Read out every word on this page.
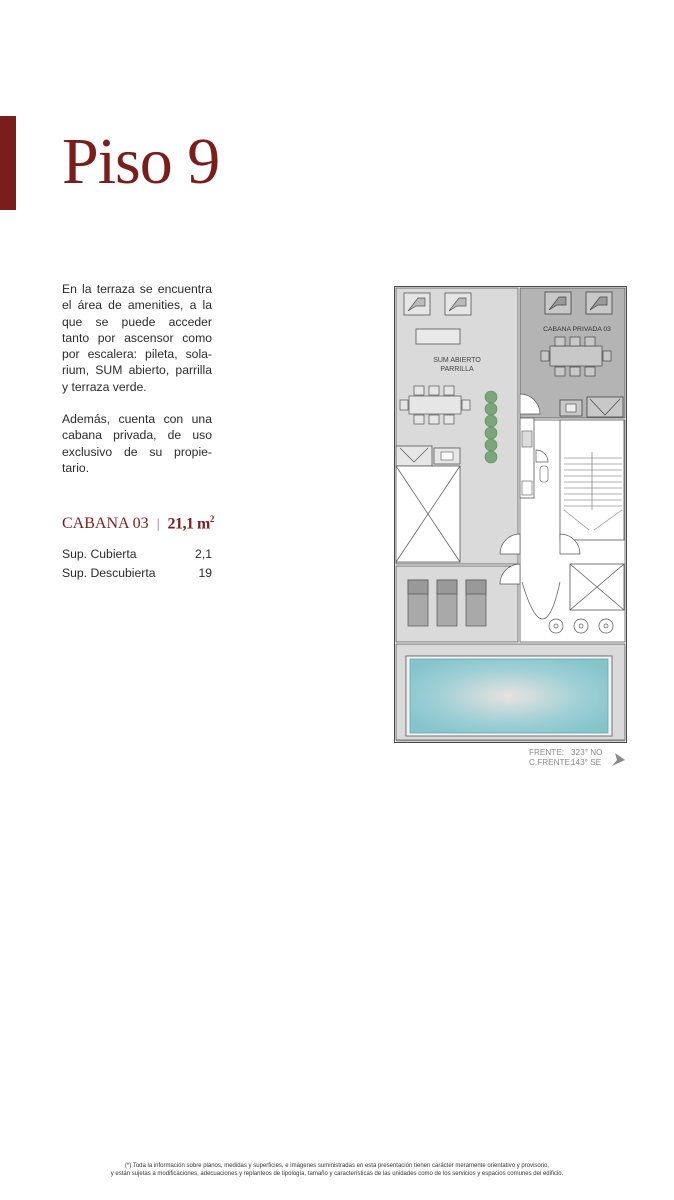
Piso 9

En la terraza se encuentra el área de amenities, a la que se puede acceder tanto por ascensor como por escalera: pileta, sola-rium, SUM abierto, parrilla y terraza verde.

Además, cuenta con una cabana privada, de uso exclusivo de su propie-tario.

CABANA 03 | 21,1 $m^2$
Sup. Cubierta	2,1
Sup. Descubierta	19
SUM ABIERTO
PARRILLA
CABANA PRIVADA 03
FRENTE: 323° NO
C.FRENTE:
143° SE
(*) Toda la información sobre planos, medidas y superficies, e imágenes suministradas en esta presentación tienen carácter meramente orientativo y provisorio,
y están sujetas a modificaciones, adecuaciones y replanteos de tipología, tamaño y características de las unidades como de los servicios y espacios comunes del edificio.
